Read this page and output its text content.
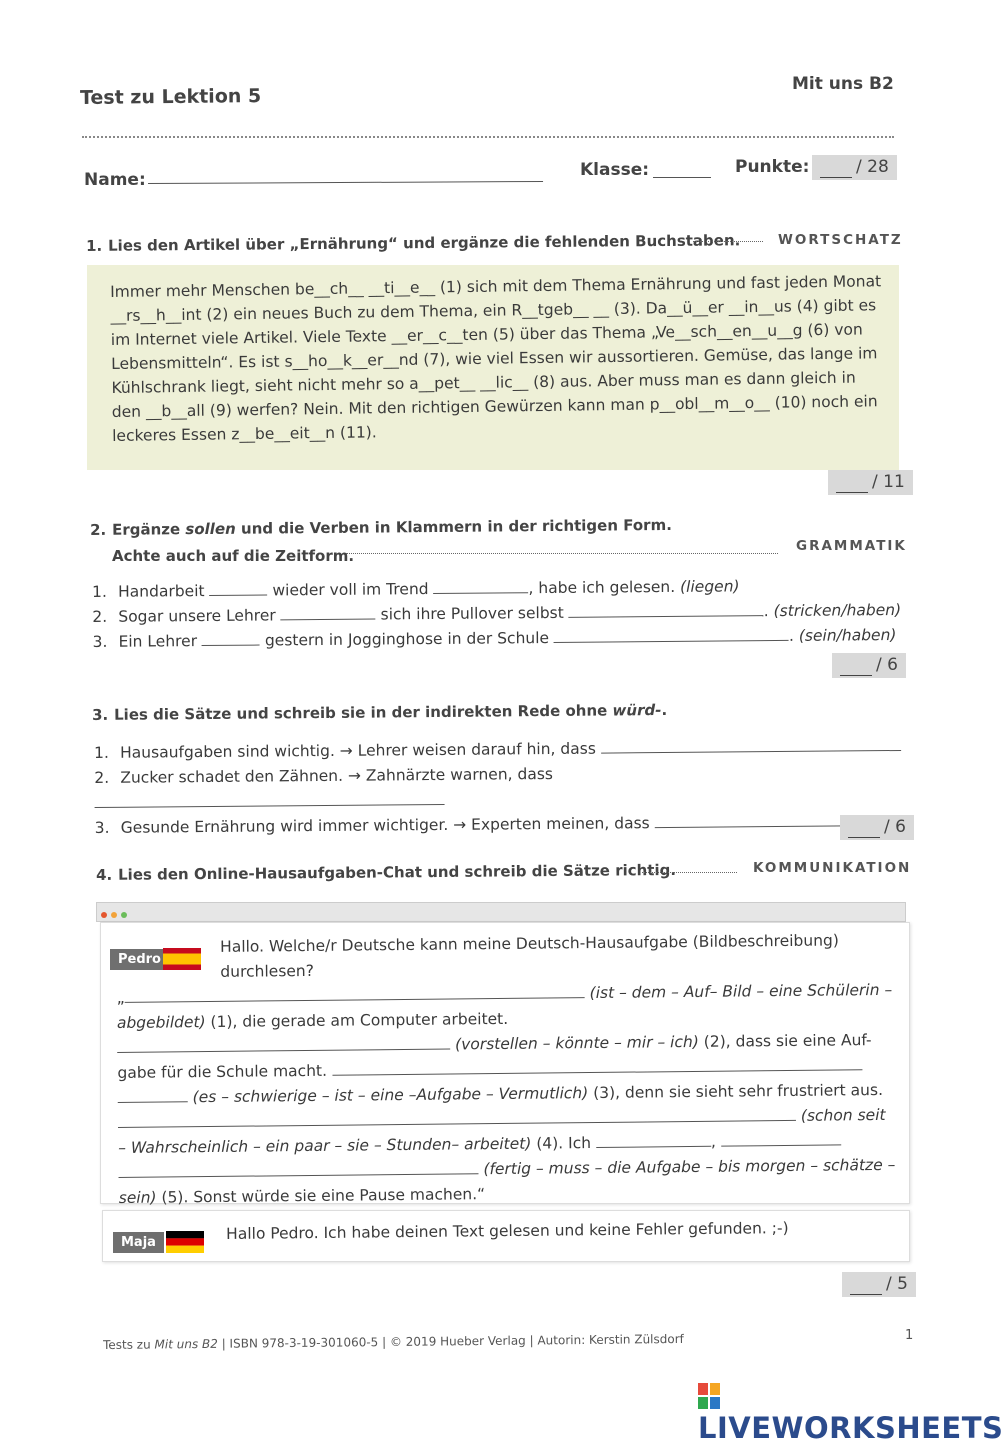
Test zu Lektion 5
Mit uns B2
Name:	Klasse:	Punkte:	/ 28
1. Lies den Artikel über „Ernährung“ und ergänze die fehlenden Buchstaben.	WORTSCHATZ
Immer mehr Menschen be__ch__ __ti__e__ (1) sich mit dem Thema Ernährung und fast jeden Monat
__rs__h__int (2) ein neues Buch zu dem Thema, ein R__tgeb__ __ (3). Da__ü__er __in__us (4) gibt es
im Internet viele Artikel. Viele Texte __er__c__ten (5) über das Thema „Ve__sch__en__u__g (6) von
Lebensmitteln“. Es ist s__ho__k__er__nd (7), wie viel Essen wir aussortieren. Gemüse, das lange im
Kühlschrank liegt, sieht nicht mehr so a__pet__ __lic__ (8) aus. Aber muss man es dann gleich in
den __b__all (9) werfen? Nein. Mit den richtigen Gewürzen kann man p__obl__m__o__ (10) noch ein
leckeres Essen z__be__eit__n (11).
/ 11
2. Ergänze sollen und die Verben in Klammern in der richtigen Form.
Achte auch auf die Zeitform.
GRAMMATIK
1. Handarbeit	wieder voll im Trend	, habe ich gelesen. (liegen)
2. Sogar unsere Lehrer	sich ihre Pullover selbst	. (stricken/haben)
3. Ein Lehrer	gestern in Jogginghose in der Schule	. (sein/haben)
/ 6
3. Lies die Sätze und schreib sie in der indirekten Rede ohne würd-.
1. Hausaufgaben sind wichtig. → Lehrer weisen darauf hin, dass
2. Zucker schadet den Zähnen. → Zahnärzte warnen, dass
3. Gesunde Ernährung wird immer wichtiger. → Experten meinen, dass	/ 6
4. Lies den Online-Hausaufgaben-Chat und schreib die Sätze richtig.	KOMMUNIKATION
Pedro
Hallo. Welche/r Deutsche kann meine Deutsch-Hausaufgabe (Bildbeschreibung)
durchlesen?
„	(ist – dem – Auf– Bild – eine Schülerin –
abgebildet) (1), die gerade am Computer arbeitet.
(vorstellen – könnte – mir – ich) (2), dass sie eine Auf-
gabe für die Schule macht.
(es – schwierige – ist – eine –Aufgabe – Vermutlich) (3), denn sie sieht sehr frustriert aus.
(schon seit
– Wahrscheinlich – ein paar – sie – Stunden– arbeitet) (4). Ich	,
(fertig – muss – die Aufgabe – bis morgen – schätze –
sein) (5). Sonst würde sie eine Pause machen.“
Maja	Hallo Pedro. Ich habe deinen Text gelesen und keine Fehler gefunden. ;-)
/ 5
Tests zu Mit uns B2 | ISBN 978-3-19-301060-5 | © 2019 Hueber Verlag | Autorin: Kerstin Zülsdorf	1
LIVEWORKSHEETS
